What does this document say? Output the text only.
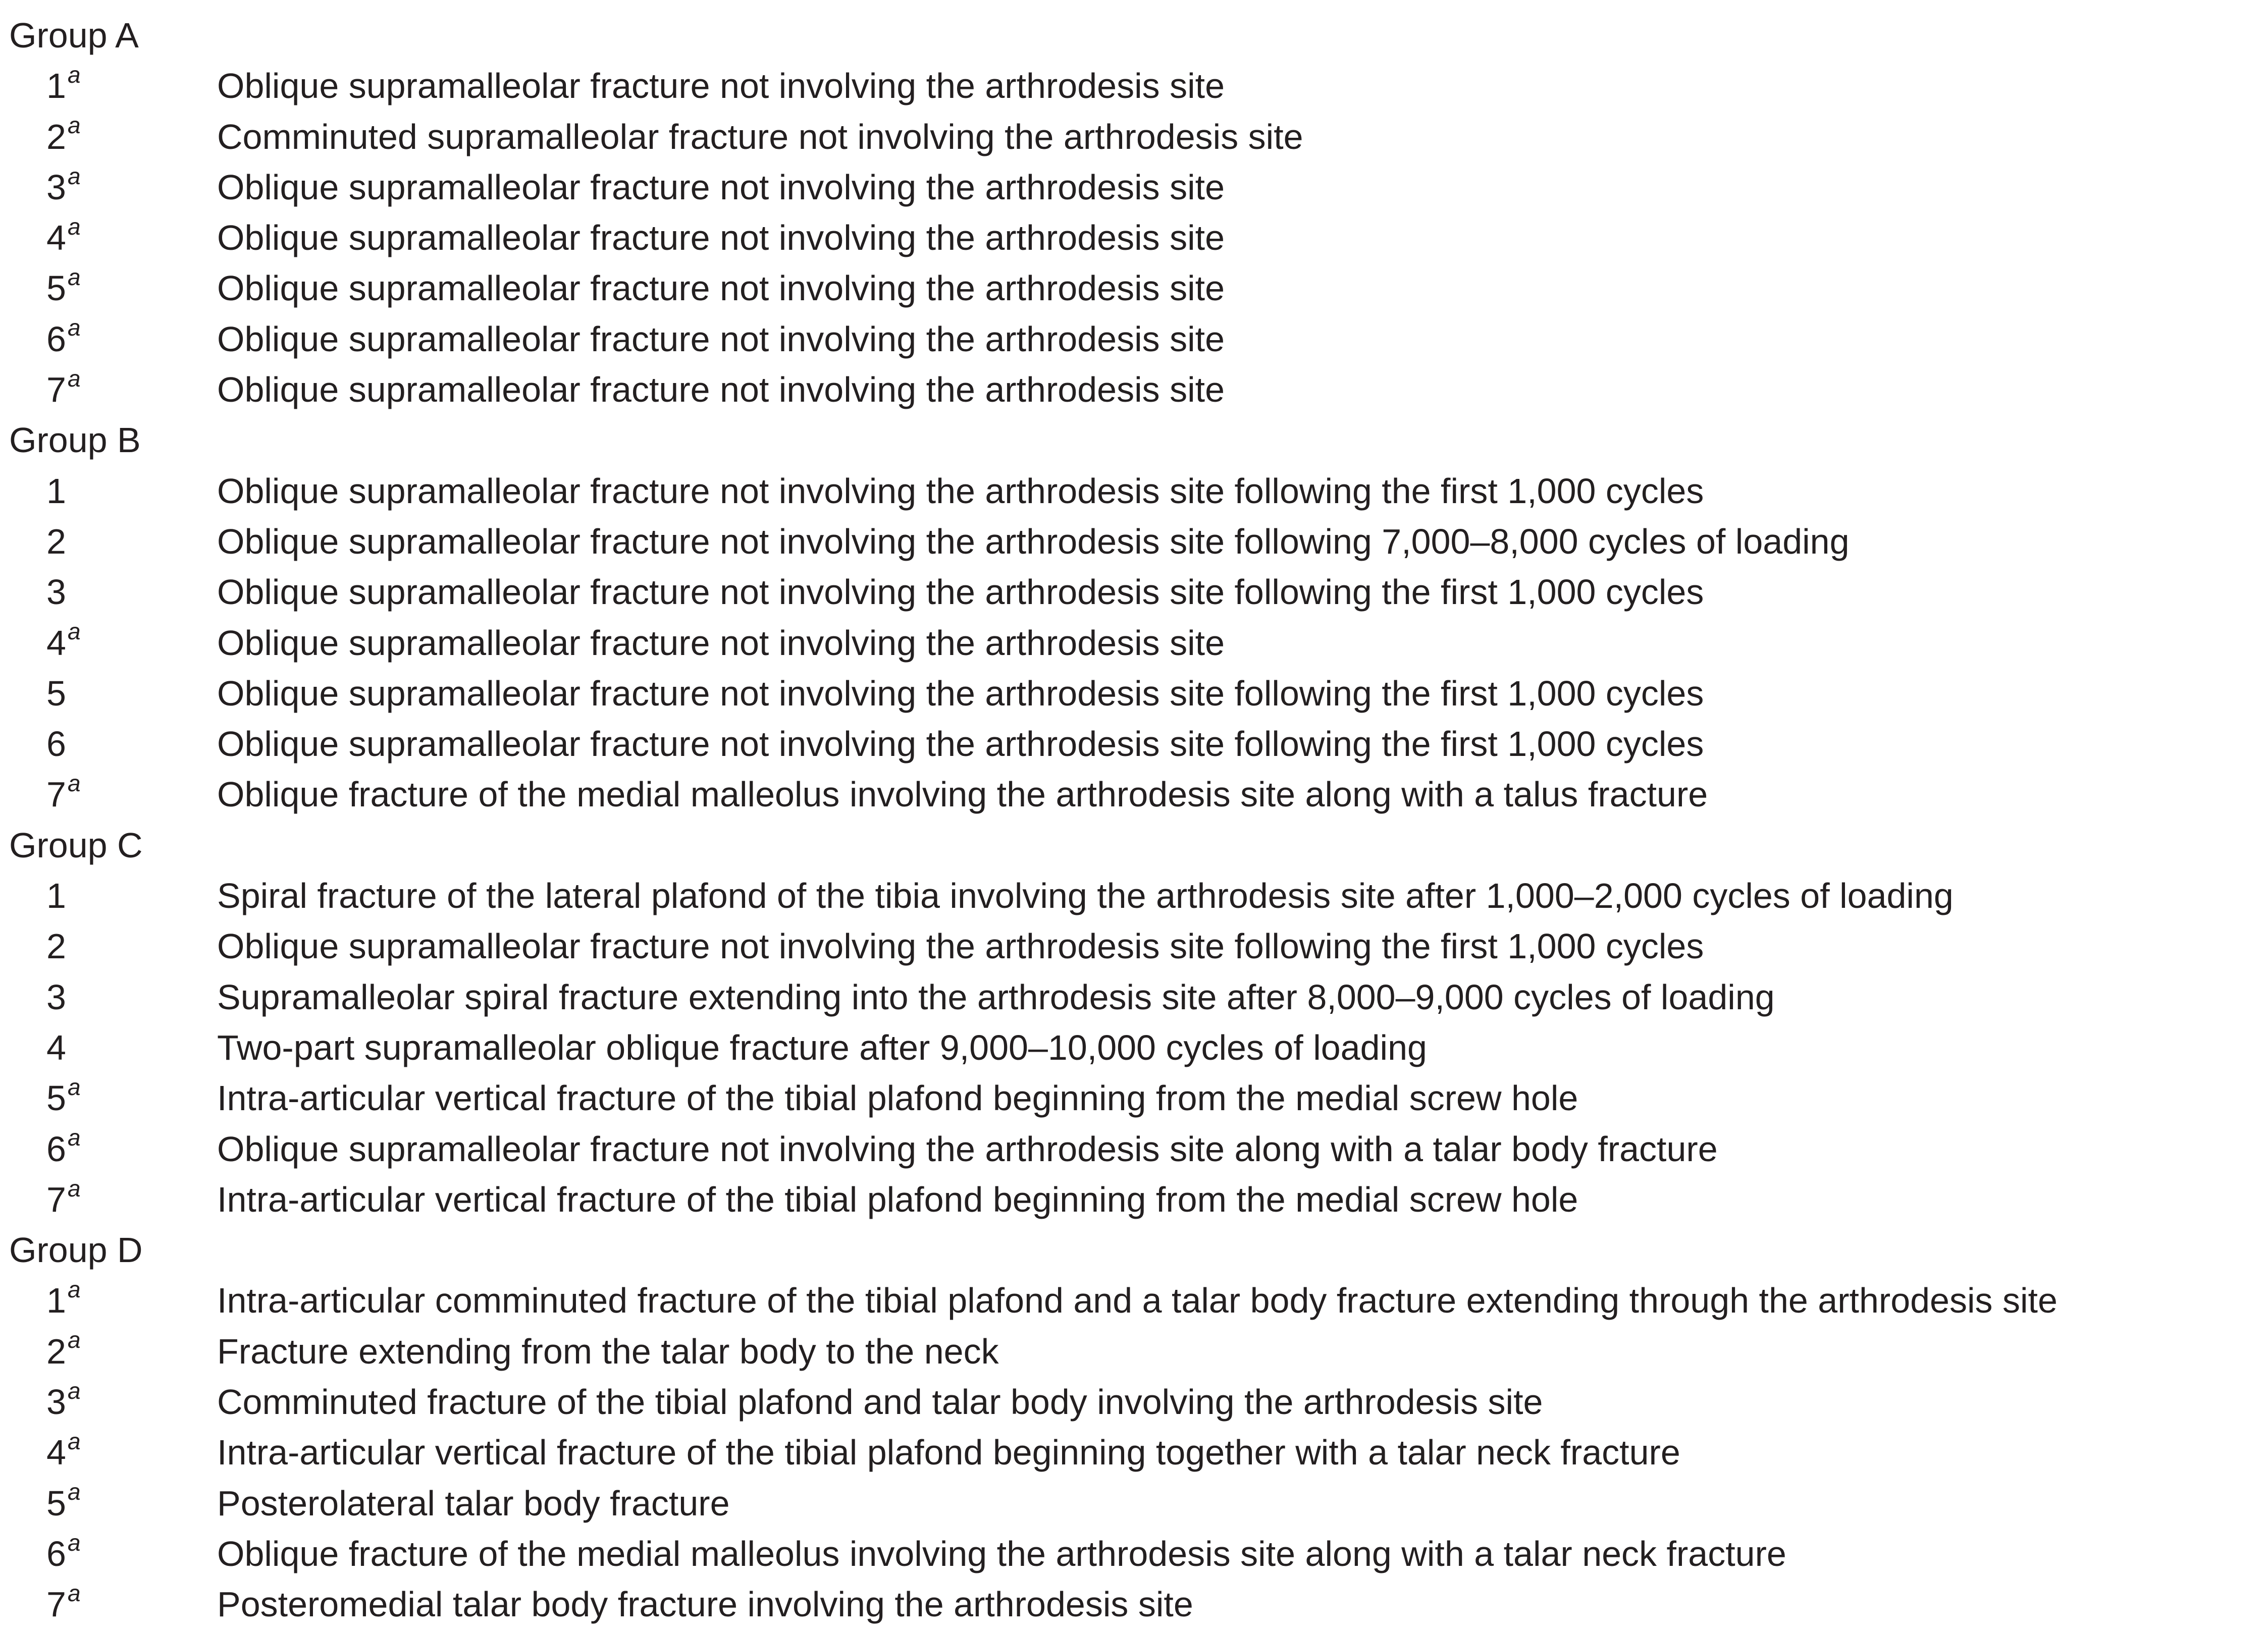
Group A
1$^a$	Oblique supramalleolar fracture not involving the arthrodesis site
2$^a$	Comminuted supramalleolar fracture not involving the arthrodesis site
3$^a$	Oblique supramalleolar fracture not involving the arthrodesis site
4$^a$	Oblique supramalleolar fracture not involving the arthrodesis site
5$^a$	Oblique supramalleolar fracture not involving the arthrodesis site
6$^a$	Oblique supramalleolar fracture not involving the arthrodesis site
7$^a$	Oblique supramalleolar fracture not involving the arthrodesis site
Group B
1	Oblique supramalleolar fracture not involving the arthrodesis site following the first 1,000 cycles
2	Oblique supramalleolar fracture not involving the arthrodesis site following 7,000–8,000 cycles of loading
3	Oblique supramalleolar fracture not involving the arthrodesis site following the first 1,000 cycles
4$^a$	Oblique supramalleolar fracture not involving the arthrodesis site
5	Oblique supramalleolar fracture not involving the arthrodesis site following the first 1,000 cycles
6	Oblique supramalleolar fracture not involving the arthrodesis site following the first 1,000 cycles
7$^a$	Oblique fracture of the medial malleolus involving the arthrodesis site along with a talus fracture
Group C
1	Spiral fracture of the lateral plafond of the tibia involving the arthrodesis site after 1,000–2,000 cycles of loading
2	Oblique supramalleolar fracture not involving the arthrodesis site following the first 1,000 cycles
3	Supramalleolar spiral fracture extending into the arthrodesis site after 8,000–9,000 cycles of loading
4	Two-part supramalleolar oblique fracture after 9,000–10,000 cycles of loading
5$^a$	Intra-articular vertical fracture of the tibial plafond beginning from the medial screw hole
6$^a$	Oblique supramalleolar fracture not involving the arthrodesis site along with a talar body fracture
7$^a$	Intra-articular vertical fracture of the tibial plafond beginning from the medial screw hole
Group D
1$^a$	Intra-articular comminuted fracture of the tibial plafond and a talar body fracture extending through the arthrodesis site
2$^a$	Fracture extending from the talar body to the neck
3$^a$	Comminuted fracture of the tibial plafond and talar body involving the arthrodesis site
4$^a$	Intra-articular vertical fracture of the tibial plafond beginning together with a talar neck fracture
5$^a$	Posterolateral talar body fracture
6$^a$	Oblique fracture of the medial malleolus involving the arthrodesis site along with a talar neck fracture
7$^a$	Posteromedial talar body fracture involving the arthrodesis site
